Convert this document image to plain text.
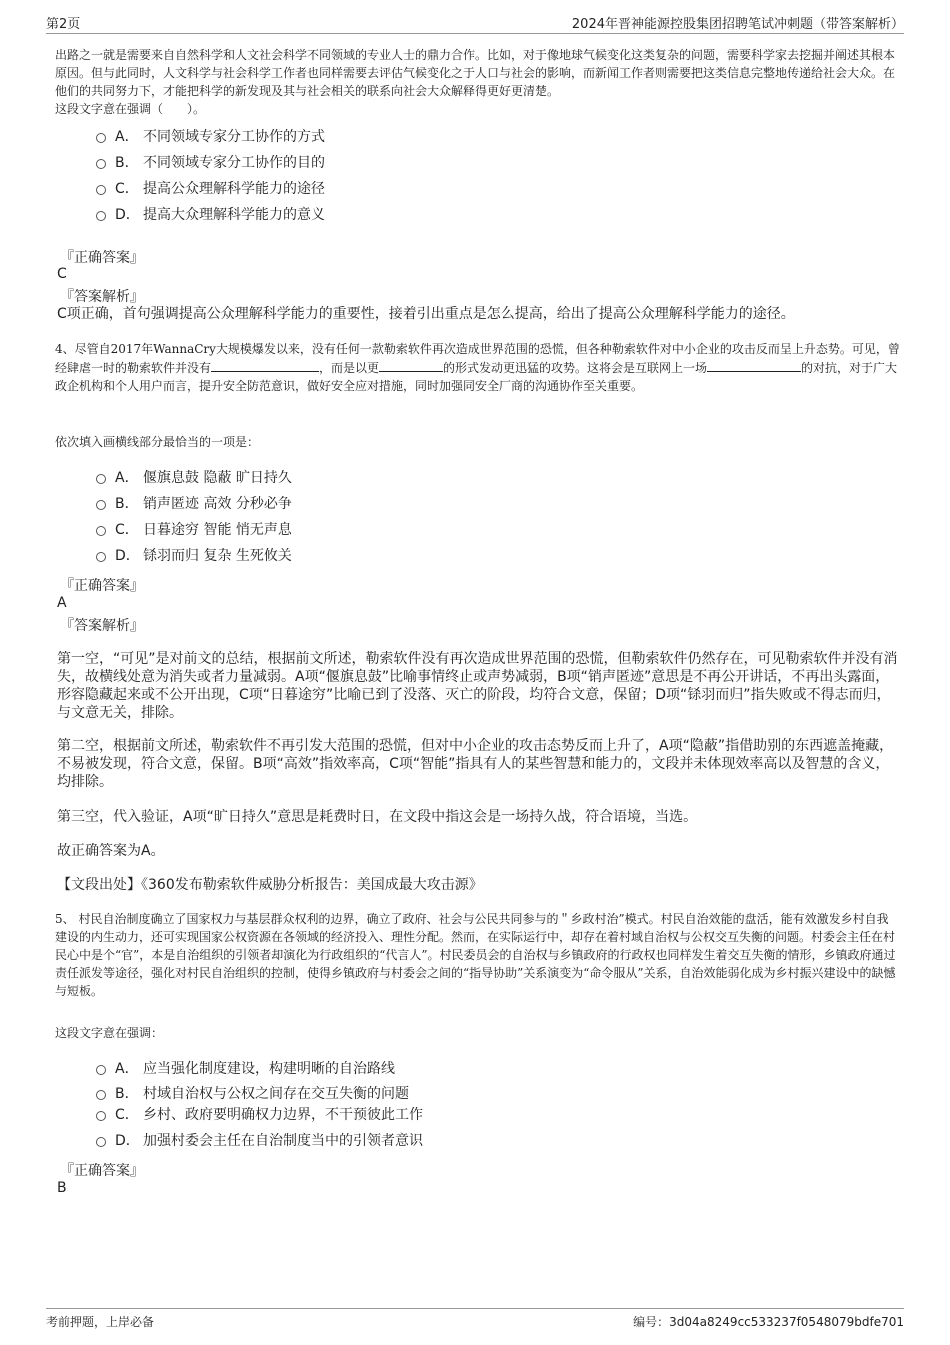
第2页	2024年晋神能源控股集团招聘笔试冲刺题（带答案解析）
出路之一就是需要来自自然科学和人文社会科学不同领域的专业人士的鼎力合作。比如，对于像地球气候变化这类复杂的问题，需要科学家去挖掘并阐述其根本原因。但与此同时，人文科学与社会科学工作者也同样需要去评估气候变化之于人口与社会的影响，而新闻工作者则需要把这类信息完整地传递给社会大众。在他们的共同努力下，才能把科学的新发现及其与社会相关的联系向社会大众解释得更好更清楚。
这段文字意在强调（　　）。
A． 不同领域专家分工协作的方式
B． 不同领域专家分工协作的目的
C． 提高公众理解科学能力的途径
D． 提高大众理解科学能力的意义
『正确答案』
C
『答案解析』
C项正确，首句强调提高公众理解科学能力的重要性，接着引出重点是怎么提高，给出了提高公众理解科学能力的途径。
4、尽管自2017年WannaCry大规模爆发以来，没有任何一款勒索软件再次造成世界范围的恐慌，但各种勒索软件对中小企业的攻击反而呈上升态势。可见，曾经肆虐一时的勒索软件并没有	，而是以更	的形式发动更迅猛的攻势。这将会是互联网上一场	的对抗，对于广大政企机构和个人用户而言，提升安全防范意识，做好安全应对措施，同时加强同安全厂商的沟通协作至关重要。
依次填入画横线部分最恰当的一项是：
A． 偃旗息鼓 隐蔽 旷日持久
B． 销声匿迹 高效 分秒必争
C． 日暮途穷 智能 悄无声息
D． 铩羽而归 复杂 生死攸关
『正确答案』
A
『答案解析』
第一空，“可见”是对前文的总结，根据前文所述，勒索软件没有再次造成世界范围的恐慌，但勒索软件仍然存在，可见勒索软件并没有消失，故横线处意为消失或者力量减弱。A项“偃旗息鼓”比喻事情终止或声势减弱，B项“销声匿迹”意思是不再公开讲话，不再出头露面，形容隐藏起来或不公开出现，C项“日暮途穷”比喻已到了没落、灭亡的阶段，均符合文意，保留；D项“铩羽而归”指失败或不得志而归，与文意无关，排除。
第二空，根据前文所述，勒索软件不再引发大范围的恐慌，但对中小企业的攻击态势反而上升了，A项“隐蔽”指借助别的东西遮盖掩藏，不易被发现，符合文意，保留。B项“高效”指效率高，C项“智能”指具有人的某些智慧和能力的，文段并未体现效率高以及智慧的含义，均排除。
第三空，代入验证，A项“旷日持久”意思是耗费时日，在文段中指这会是一场持久战，符合语境，当选。
故正确答案为A。
【文段出处】《360发布勒索软件威胁分析报告：美国成最大攻击源》
5、 村民自治制度确立了国家权力与基层群众权利的边界，确立了政府、社会与公民共同参与的＂乡政村治”模式。村民自治效能的盘活，能有效激发乡村自我建设的内生动力，还可实现国家公权资源在各领域的经济投入、理性分配。然而，在实际运行中，却存在着村域自治权与公权交互失衡的问题。村委会主任在村民心中是个“官”，本是自治组织的引领者却演化为行政组织的“代言人”。村民委员会的自治权与乡镇政府的行政权也同样发生着交互失衡的情形，乡镇政府通过责任派发等途径，强化对村民自治组织的控制，使得乡镇政府与村委会之间的“指导协助”关系演变为“命令服从”关系，自治效能弱化成为乡村振兴建设中的缺憾与短板。
这段文字意在强调：
A． 应当强化制度建设，构建明晰的自治路线
B． 村域自治权与公权之间存在交互失衡的问题
C． 乡村、政府要明确权力边界，不干预彼此工作
D． 加强村委会主任在自治制度当中的引领者意识
『正确答案』
B
考前押题，上岸必备	编号：3d04a8249cc533237f0548079bdfe701
